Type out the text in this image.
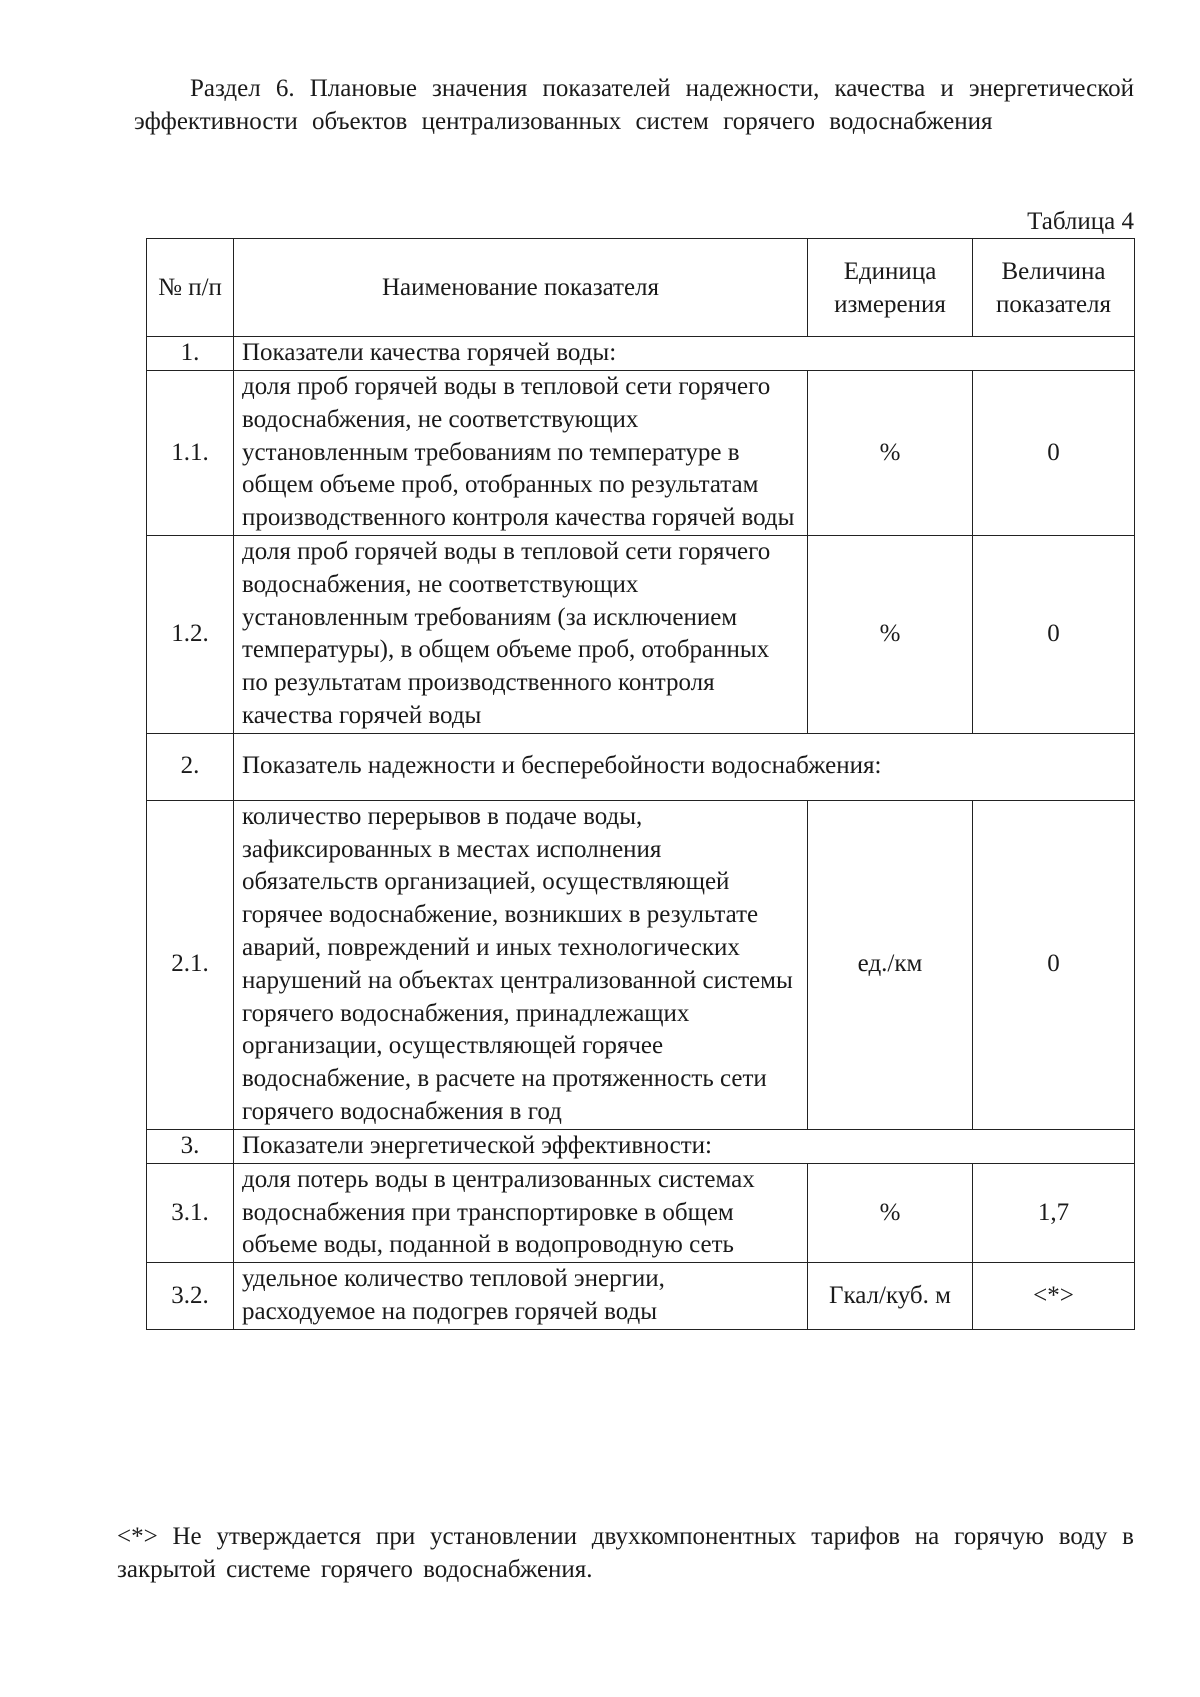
Раздел 6. Плановые значения показателей надежности, качества и энергетической эффективности объектов централизованных систем горячего водоснабжения
Таблица 4
№ п/п	Наименование показателя	Единица измерения	Величина показателя
1.	Показатели качества горячей воды:		
1.1.	доля проб горячей воды в тепловой сети горячего водоснабжения, не соответствующих установленным требованиям по температуре в общем объеме проб, отобранных по результатам производственного контроля качества горячей воды	%	0
1.2.	доля проб горячей воды в тепловой сети горячего водоснабжения, не соответствующих установленным требованиям (за исключением температуры), в общем объеме проб, отобранных по результатам производственного контроля качества горячей воды	%	0
2.	Показатель надежности и бесперебойности водоснабжения:		
2.1.	количество перерывов в подаче воды, зафиксированных в местах исполнения обязательств организацией, осуществляющей горячее водоснабжение, возникших в результате аварий, повреждений и иных технологических нарушений на объектах централизованной системы горячего водоснабжения, принадлежащих организации, осуществляющей горячее водоснабжение, в расчете на протяженность сети горячего водоснабжения в год	ед./км	0
3.	Показатели энергетической эффективности:		
3.1.	доля потерь воды в централизованных системах водоснабжения при транспортировке в общем объеме воды, поданной в водопроводную сеть	%	1,7
3.2.	удельное количество тепловой энергии, расходуемое на подогрев горячей воды	Гкал/куб. м	<*>
<*> Не утверждается при установлении двухкомпонентных тарифов на горячую воду в закрытой системе горячего водоснабжения.
